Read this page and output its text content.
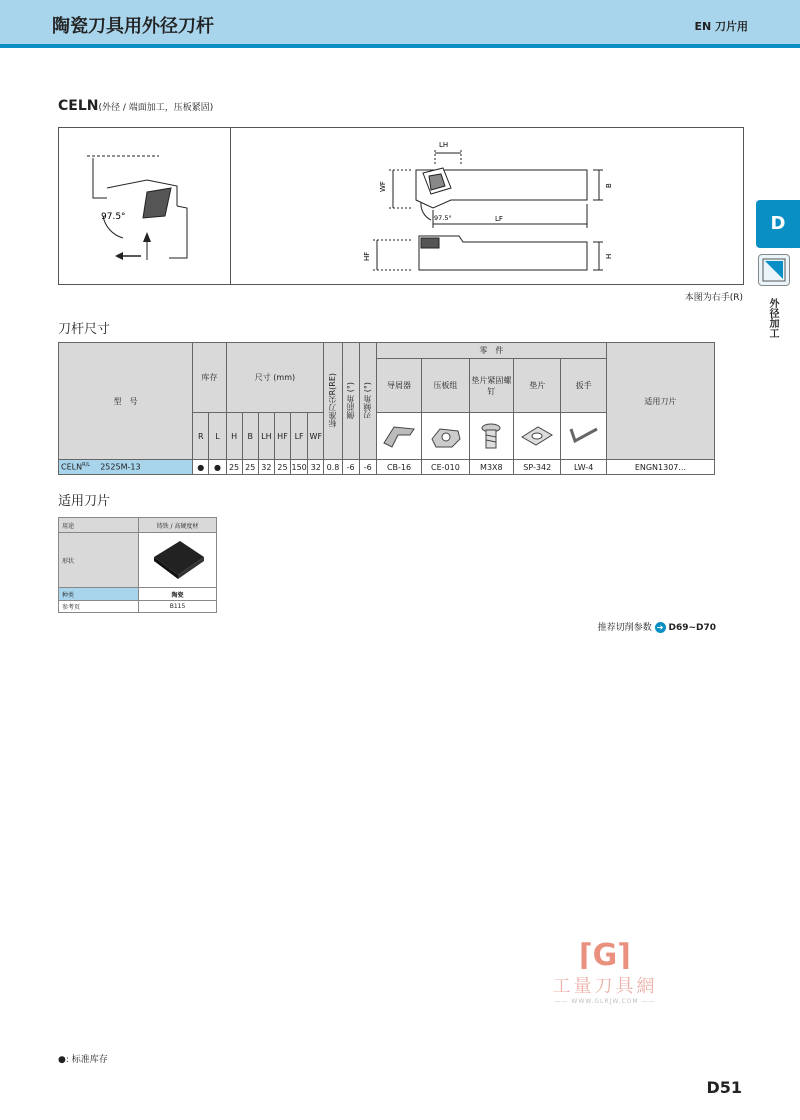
陶瓷刀具用外径刀杆	EN 刀片用
CELN(外径 / 端面加工，压板紧固)
97.5°
LH
WF	B
LF
97.5°
HF	H
本图为右手(R)
刀杆尺寸
型　号	库存		尺寸 (mm)						标准刀尖R(RE)	侧前角 (°)	刃倾角 (°)	零　件					适用刀片
												导屑器	压板组	垫片紧固螺钉	垫片	扳手	
	R	L	H	B	LH	HF	LF	WF	

$CELN^{R/L}$ 2525M-13	●	●	25	25	32	25	150	32	0.8	-6	-6	CB-16	CE-010	M3X8	SP-342	LW-4	ENGN1307...
适用刀片
用途	铸铁 / 高硬度材
形状	
种类	陶瓷
参考页	B115
推荐切削参数 ➔ D69~D70
D
外径加工
⌈G⌉
工量刀具網
—— WWW.GLRJW.COM ——
●: 标准库存
D51
